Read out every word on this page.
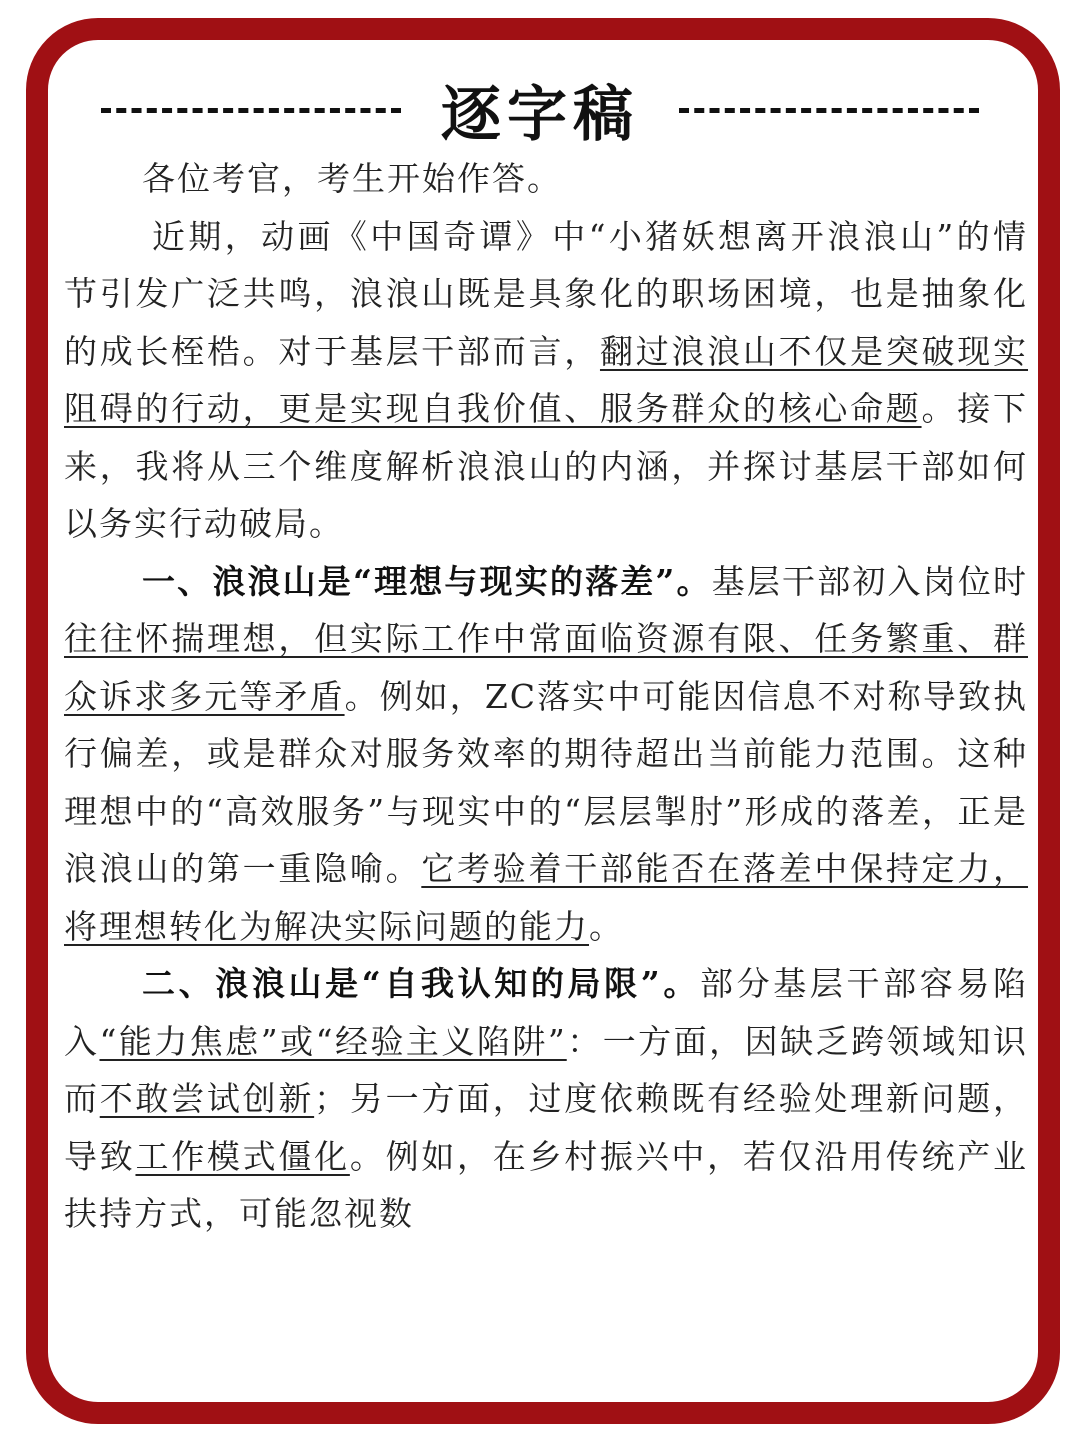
逐字稿

各位考官，考生开始作答。

近期，动画《中国奇谭》中“小猪妖想离开浪浪山”的情节引发广泛共鸣，浪浪山既是具象化的职场困境，也是抽象化的成长桎梏。对于基层干部而言，翻过浪浪山不仅是突破现实阻碍的行动，更是实现自我价值、服务群众的核心命题。接下来，我将从三个维度解析浪浪山的内涵，并探讨基层干部如何以务实行动破局。

一、浪浪山是“理想与现实的落差”。基层干部初入岗位时往往怀揣理想，但实际工作中常面临资源有限、任务繁重、群众诉求多元等矛盾。例如，ZC落实中可能因信息不对称导致执行偏差，或是群众对服务效率的期待超出当前能力范围。这种理想中的“高效服务”与现实中的“层层掣肘”形成的落差，正是浪浪山的第一重隐喻。它考验着干部能否在落差中保持定力，将理想转化为解决实际问题的能力。

二、浪浪山是“自我认知的局限”。部分基层干部容易陷入“能力焦虑”或“经验主义陷阱”：一方面，因缺乏跨领域知识而不敢尝试创新；另一方面，过度依赖既有经验处理新问题，导致工作模式僵化。例如，在乡村振兴中，若仅沿用传统产业扶持方式，可能忽视数
